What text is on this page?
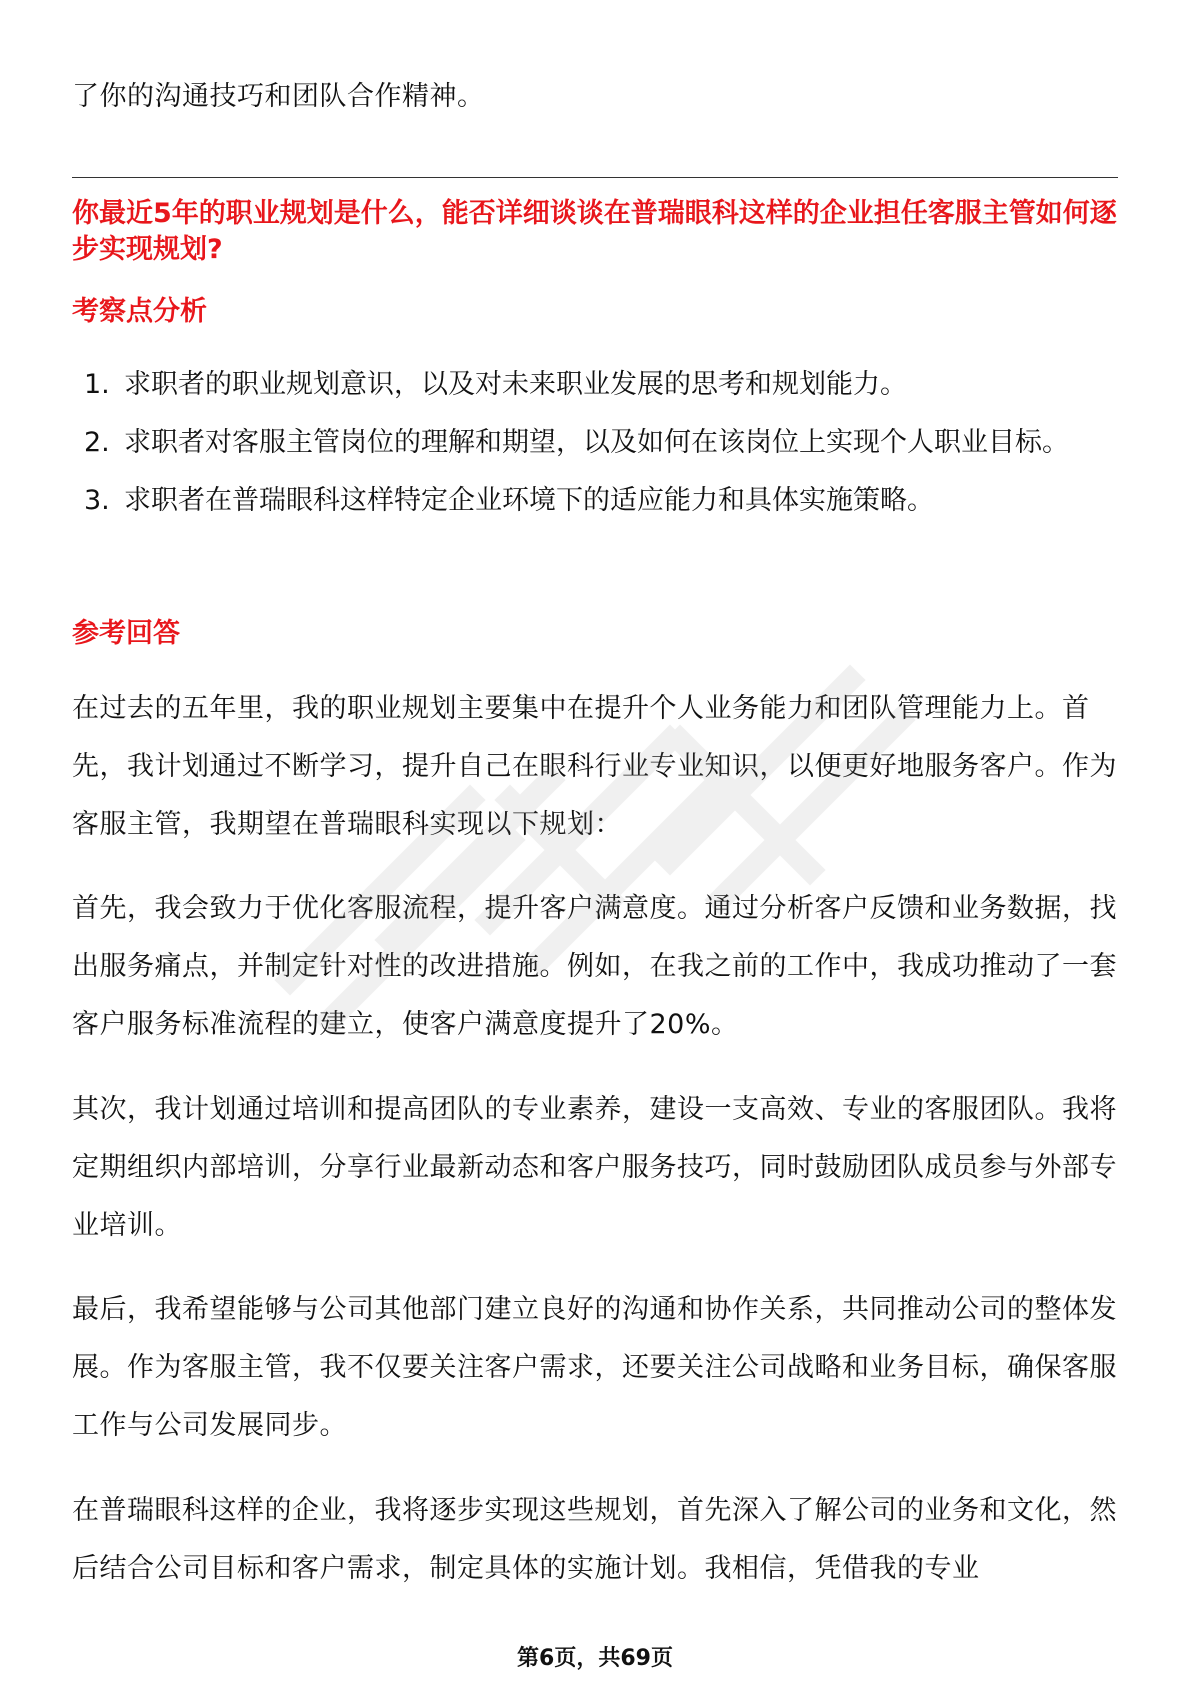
了你的沟通技巧和团队合作精神。

你最近5年的职业规划是什么，能否详细谈谈在普瑞眼科这样的企业担任客服主管如何逐步实现规划?

考察点分析

1. 求职者的职业规划意识，以及对未来职业发展的思考和规划能力。
2. 求职者对客服主管岗位的理解和期望，以及如何在该岗位上实现个人职业目标。
3. 求职者在普瑞眼科这样特定企业环境下的适应能力和具体实施策略。

参考回答

在过去的五年里，我的职业规划主要集中在提升个人业务能力和团队管理能力上。首先，我计划通过不断学习，提升自己在眼科行业专业知识，以便更好地服务客户。作为客服主管，我期望在普瑞眼科实现以下规划：

首先，我会致力于优化客服流程，提升客户满意度。通过分析客户反馈和业务数据，找出服务痛点，并制定针对性的改进措施。例如，在我之前的工作中，我成功推动了一套客户服务标准流程的建立，使客户满意度提升了20%。

其次，我计划通过培训和提高团队的专业素养，建设一支高效、专业的客服团队。我将定期组织内部培训，分享行业最新动态和客户服务技巧，同时鼓励团队成员参与外部专业培训。

最后，我希望能够与公司其他部门建立良好的沟通和协作关系，共同推动公司的整体发展。作为客服主管，我不仅要关注客户需求，还要关注公司战略和业务目标，确保客服工作与公司发展同步。

在普瑞眼科这样的企业，我将逐步实现这些规划，首先深入了解公司的业务和文化，然后结合公司目标和客户需求，制定具体的实施计划。我相信，凭借我的专业

第6页，共69页
